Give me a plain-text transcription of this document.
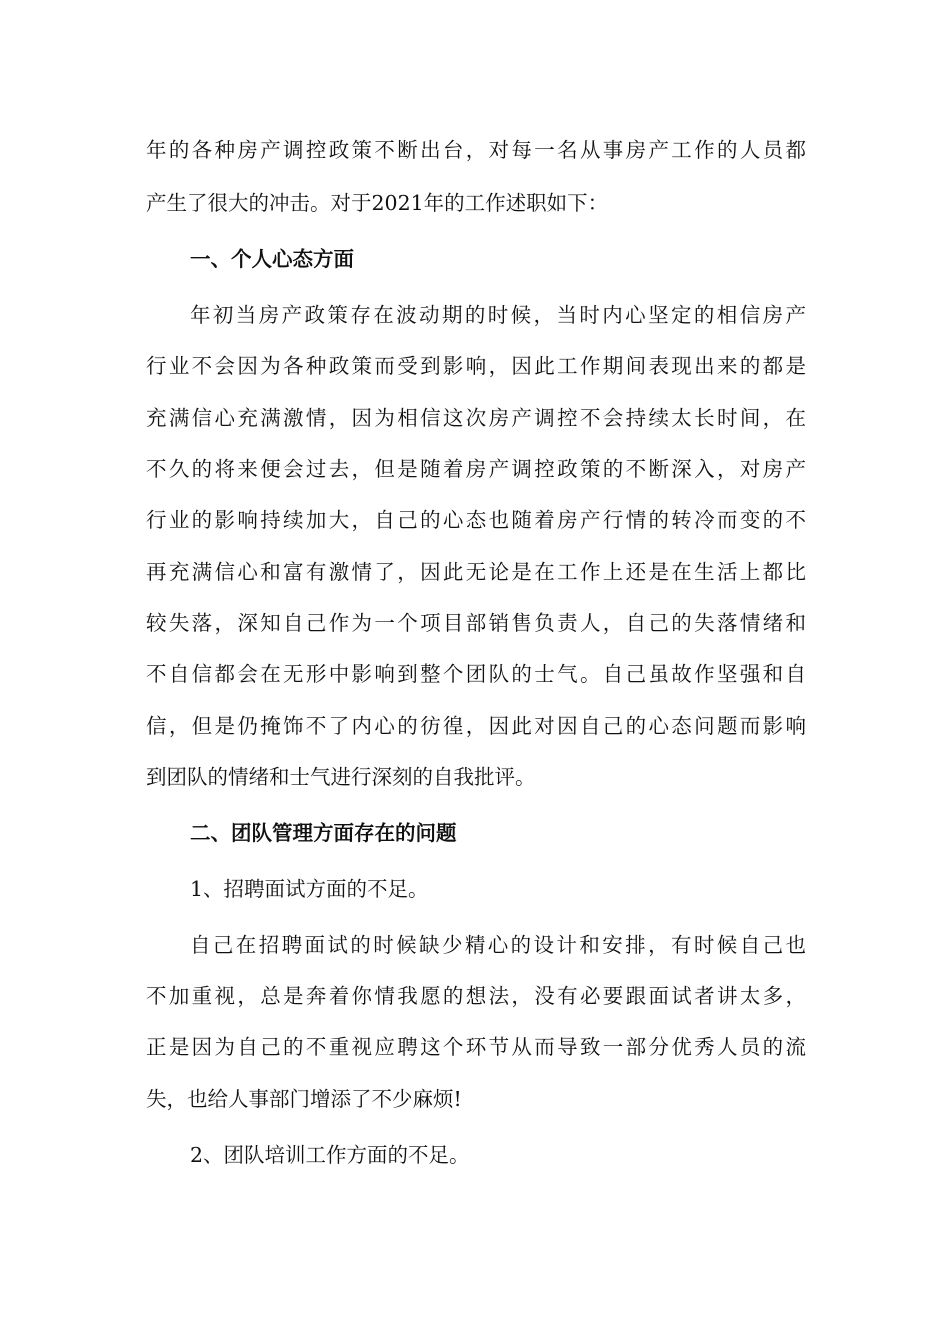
年的各种房产调控政策不断出台，对每一名从事房产工作的人员都
产生了很大的冲击。对于2021年的工作述职如下：
一、个人心态方面
年初当房产政策存在波动期的时候，当时内心坚定的相信房产
行业不会因为各种政策而受到影响，因此工作期间表现出来的都是
充满信心充满激情，因为相信这次房产调控不会持续太长时间，在
不久的将来便会过去，但是随着房产调控政策的不断深入，对房产
行业的影响持续加大，自己的心态也随着房产行情的转冷而变的不
再充满信心和富有激情了，因此无论是在工作上还是在生活上都比
较失落，深知自己作为一个项目部销售负责人，自己的失落情绪和
不自信都会在无形中影响到整个团队的士气。自己虽故作坚强和自
信，但是仍掩饰不了内心的彷徨，因此对因自己的心态问题而影响
到团队的情绪和士气进行深刻的自我批评。
二、团队管理方面存在的问题
1、招聘面试方面的不足。
自己在招聘面试的时候缺少精心的设计和安排，有时候自己也
不加重视，总是奔着你情我愿的想法，没有必要跟面试者讲太多，
正是因为自己的不重视应聘这个环节从而导致一部分优秀人员的流
失，也给人事部门增添了不少麻烦!
2、团队培训工作方面的不足。
